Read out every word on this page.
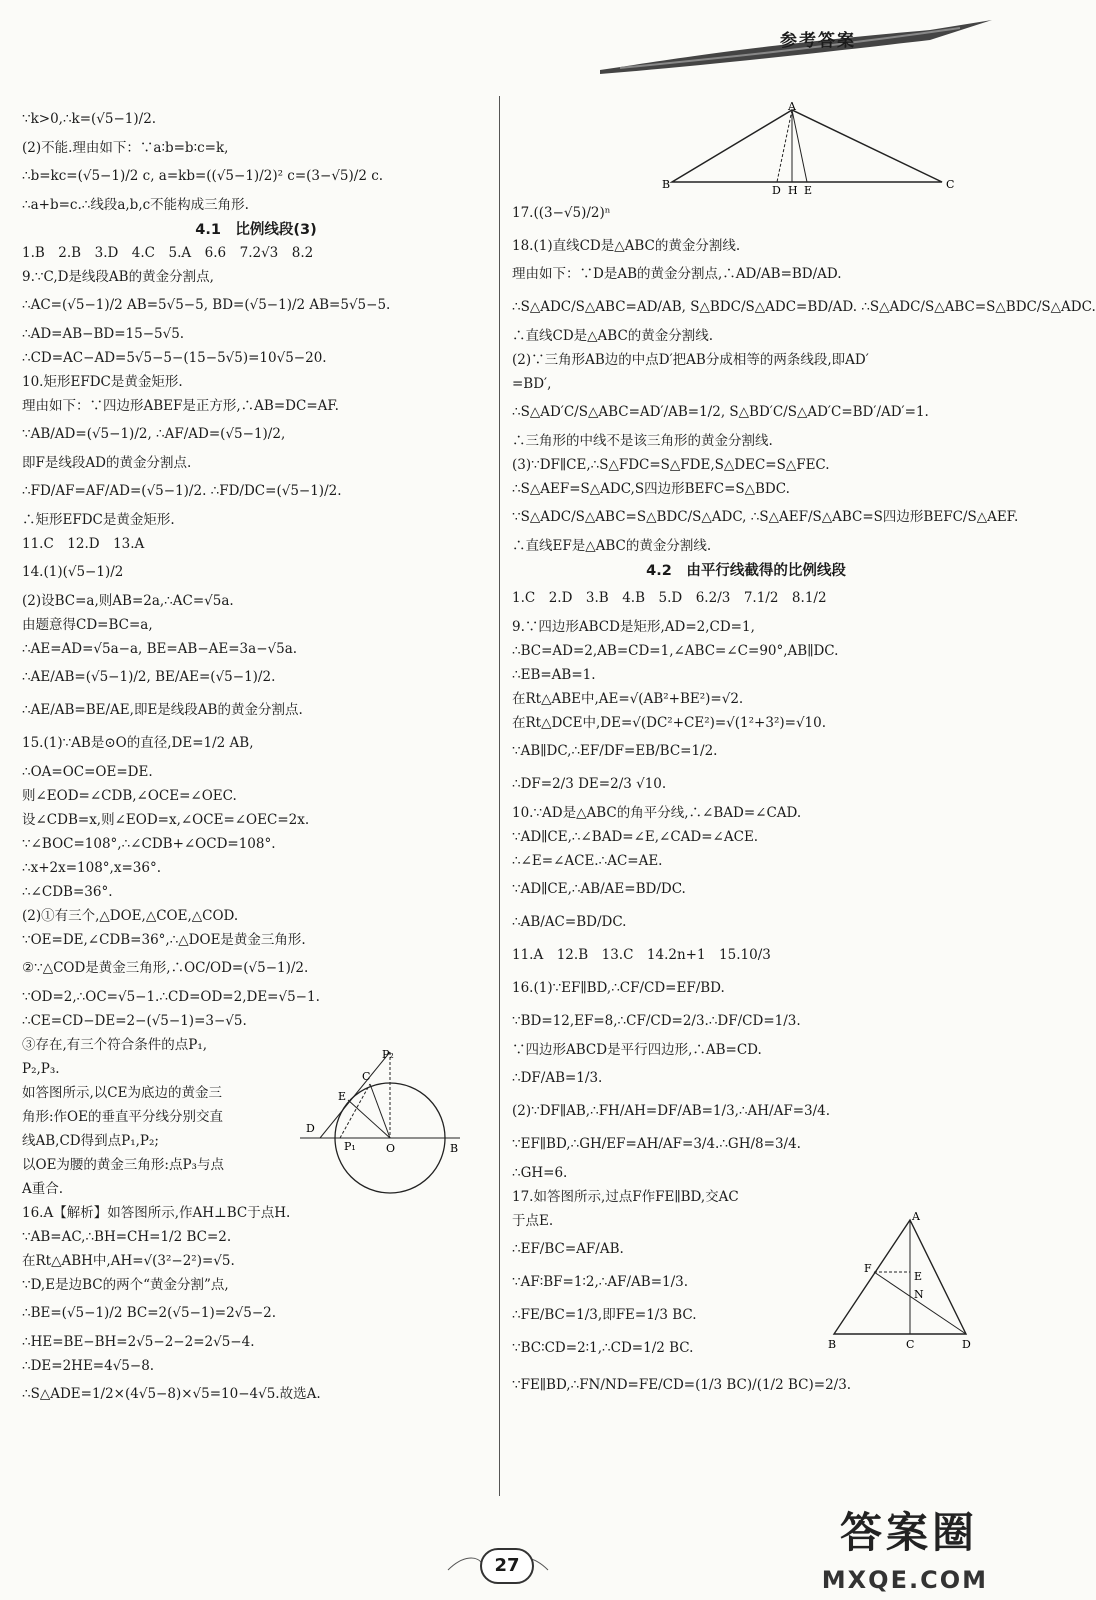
参考答案
∵k>0,∴k=(√5−1)/2.
(2)不能.理由如下：∵a∶b=b∶c=k,
∴b=kc=(√5−1)/2 c, a=kb=((√5−1)/2)² c=(3−√5)/2 c.
∴a+b=c.∴线段a,b,c不能构成三角形.
4.1　比例线段(3)
1.B　2.B　3.D　4.C　5.A　6.6　7.2√3　8.2
9.∵C,D是线段AB的黄金分割点,
∴AC=(√5−1)/2 AB=5√5−5, BD=(√5−1)/2 AB=5√5−5.
∴AD=AB−BD=15−5√5.
∴CD=AC−AD=5√5−5−(15−5√5)=10√5−20.
10.矩形EFDC是黄金矩形.
理由如下：∵四边形ABEF是正方形,∴AB=DC=AF.
∵AB/AD=(√5−1)/2, ∴AF/AD=(√5−1)/2,
即F是线段AD的黄金分割点.
∴FD/AF=AF/AD=(√5−1)/2. ∴FD/DC=(√5−1)/2.
∴矩形EFDC是黄金矩形.
11.C　12.D　13.A
14.(1)(√5−1)/2
(2)设BC=a,则AB=2a,∴AC=√5a.
由题意得CD=BC=a,
∴AE=AD=√5a−a, BE=AB−AE=3a−√5a.
∴AE/AB=(√5−1)/2, BE/AE=(√5−1)/2.
∴AE/AB=BE/AE,即E是线段AB的黄金分割点.
15.(1)∵AB是⊙O的直径,DE=1/2 AB,
∴OA=OC=OE=DE.
则∠EOD=∠CDB,∠OCE=∠OEC.
设∠CDB=x,则∠EOD=x,∠OCE=∠OEC=2x.
∵∠BOC=108°,∴∠CDB+∠OCD=108°.
∴x+2x=108°,x=36°.
∴∠CDB=36°.
(2)①有三个,△DOE,△COE,△COD.
∵OE=DE,∠CDB=36°,∴△DOE是黄金三角形.
②∵△COD是黄金三角形,∴OC/OD=(√5−1)/2.
∵OD=2,∴OC=√5−1.∴CD=OD=2,DE=√5−1.
∴CE=CD−DE=2−(√5−1)=3−√5.
③存在,有三个符合条件的点P₁,
P₂,P₃.
如答图所示,以CE为底边的黄金三
角形:作OE的垂直平分线分别交直
线AB,CD得到点P₁,P₂;
以OE为腰的黄金三角形:点P₃与点
A重合.
16.A【解析】如答图所示,作AH⊥BC于点H.
∵AB=AC,∴BH=CH=1/2 BC=2.
在Rt△ABH中,AH=√(3²−2²)=√5.
∵D,E是边BC的两个“黄金分割”点,
∴BE=(√5−1)/2 BC=2(√5−1)=2√5−2.
∴HE=BE−BH=2√5−2−2=2√5−4.
∴DE=2HE=4√5−8.
∴S△ADE=1/2×(4√5−8)×√5=10−4√5.故选A.
A
B	D H E	C
17.((3−√5)/2)ⁿ
18.(1)直线CD是△ABC的黄金分割线.
理由如下：∵D是AB的黄金分割点,∴AD/AB=BD/AD.
∴S△ADC/S△ABC=AD/AB, S△BDC/S△ADC=BD/AD. ∴S△ADC/S△ABC=S△BDC/S△ADC.
∴直线CD是△ABC的黄金分割线.
(2)∵三角形AB边的中点D′把AB分成相等的两条线段,即AD′
=BD′,
∴S△AD′C/S△ABC=AD′/AB=1/2, S△BD′C/S△AD′C=BD′/AD′=1.
∴三角形的中线不是该三角形的黄金分割线.
(3)∵DF∥CE,∴S△FDC=S△FDE,S△DEC=S△FEC.
∴S△AEF=S△ADC,S四边形BEFC=S△BDC.
∵S△ADC/S△ABC=S△BDC/S△ADC, ∴S△AEF/S△ABC=S四边形BEFC/S△AEF.
∴直线EF是△ABC的黄金分割线.
4.2　由平行线截得的比例线段
1.C　2.D　3.B　4.B　5.D　6.2/3　7.1/2　8.1/2
9.∵四边形ABCD是矩形,AD=2,CD=1,
∴BC=AD=2,AB=CD=1,∠ABC=∠C=90°,AB∥DC.
∴EB=AB=1.
在Rt△ABE中,AE=√(AB²+BE²)=√2.
在Rt△DCE中,DE=√(DC²+CE²)=√(1²+3²)=√10.
∵AB∥DC,∴EF/DF=EB/BC=1/2.
∴DF=2/3 DE=2/3 √10.
10.∵AD是△ABC的角平分线,∴∠BAD=∠CAD.
∵AD∥CE,∴∠BAD=∠E,∠CAD=∠ACE.
∴∠E=∠ACE.∴AC=AE.
∵AD∥CE,∴AB/AE=BD/DC.
∴AB/AC=BD/DC.
11.A　12.B　13.C　14.2n+1　15.10/3
16.(1)∵EF∥BD,∴CF/CD=EF/BD.
∵BD=12,EF=8,∴CF/CD=2/3.∴DF/CD=1/3.
∵四边形ABCD是平行四边形,∴AB=CD.
∴DF/AB=1/3.
(2)∵DF∥AB,∴FH/AH=DF/AB=1/3,∴AH/AF=3/4.
∵EF∥BD,∴GH/EF=AH/AF=3/4.∴GH/8=3/4.
∴GH=6.
17.如答图所示,过点F作FE∥BD,交AC
于点E.
∴EF/BC=AF/AB.
∵AF∶BF=1∶2,∴AF/AB=1/3.
∴FE/BC=1/3,即FE=1/3 BC.
∵BC∶CD=2∶1,∴CD=1/2 BC.
∵FE∥BD,∴FN/ND=FE/CD=(1/3 BC)/(1/2 BC)=2/3.
P₂
C
E
D
P₁	O	B
A
F
E
N
B	C	D
27
答案圈
MXQE.COM
